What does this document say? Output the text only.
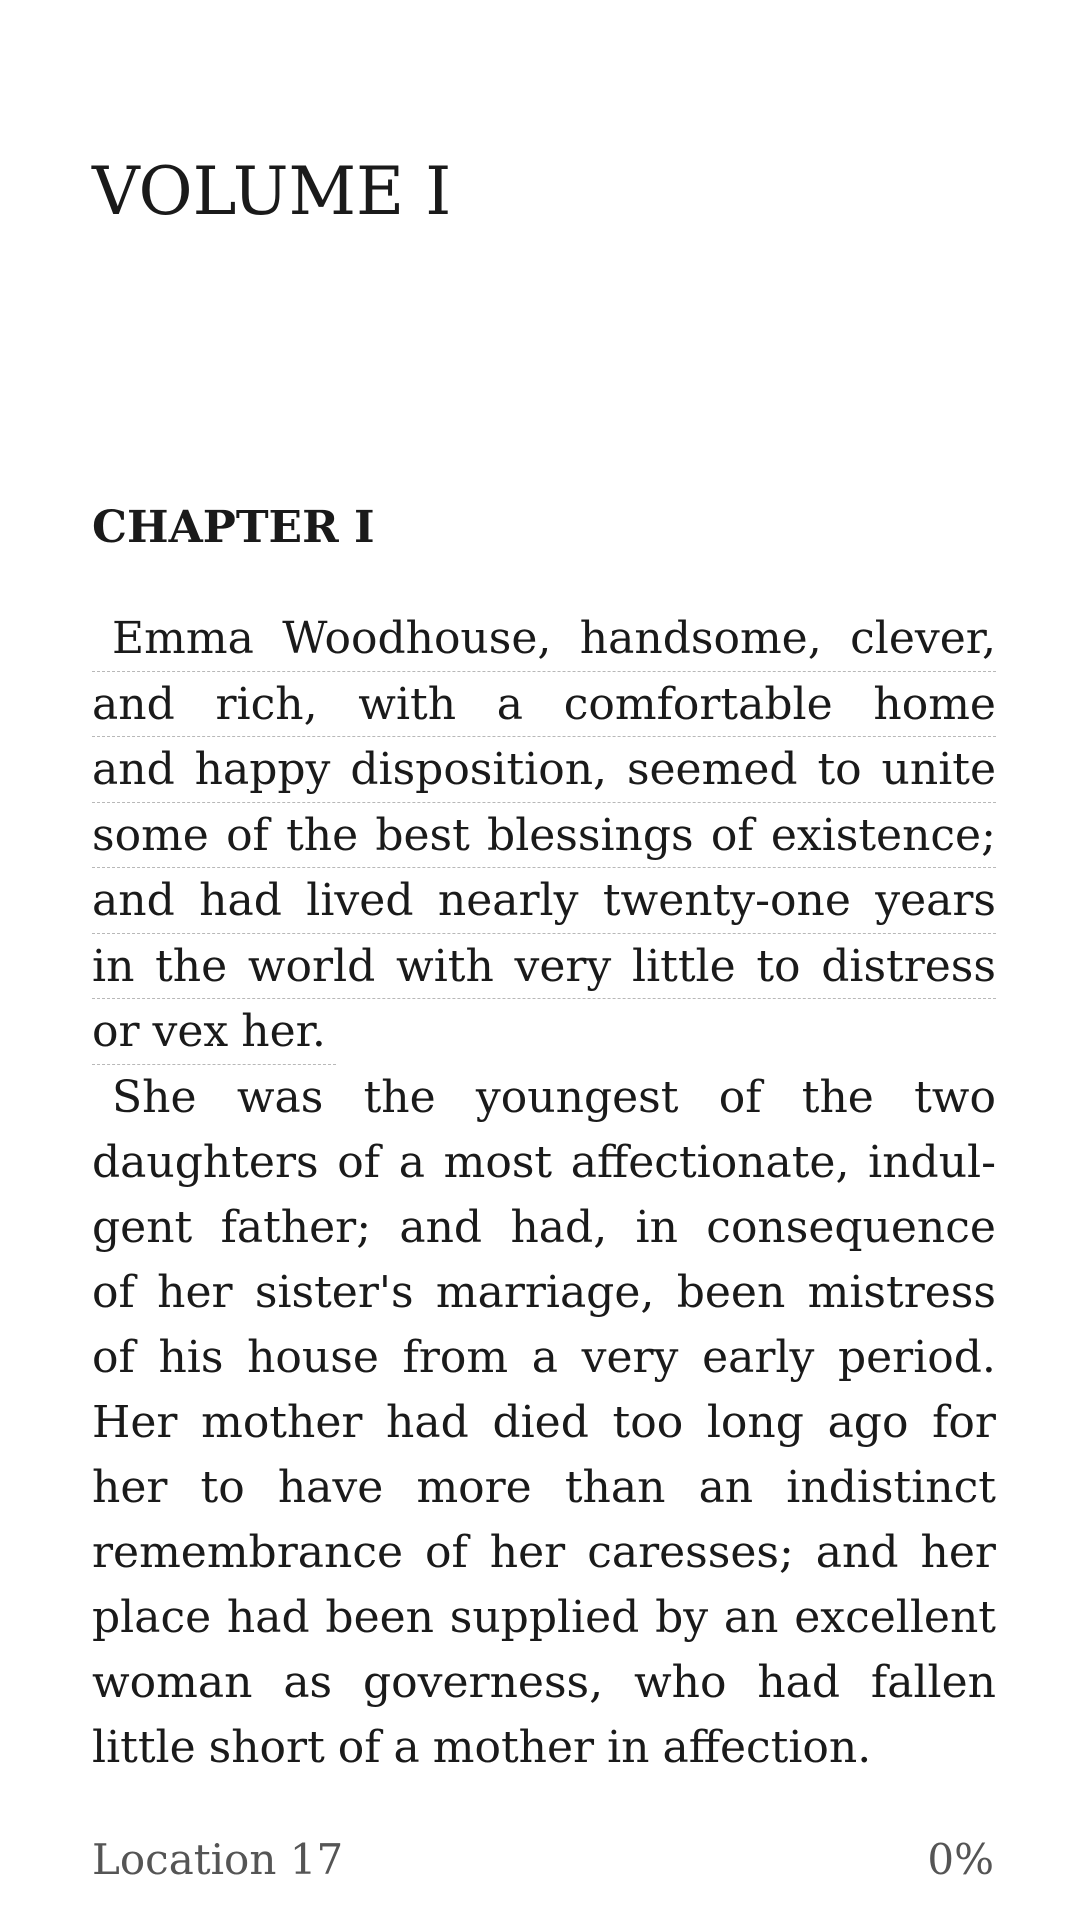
VOLUME I
CHAPTER I
Emma Woodhouse, handsome, clever,
and rich, with a comfortable home
and happy disposition, seemed to unite
some of the best blessings of existence;
and had lived nearly twenty-one years
in the world with very little to distress
or vex her.
She was the youngest of the two
daughters of a most affectionate, indul-
gent father; and had, in consequence
of her sister's marriage, been mistress
of his house from a very early period.
Her mother had died too long ago for
her to have more than an indistinct
remembrance of her caresses; and her
place had been supplied by an excellent
woman as governess, who had fallen
little short of a mother in affection.
Location 17	0%
